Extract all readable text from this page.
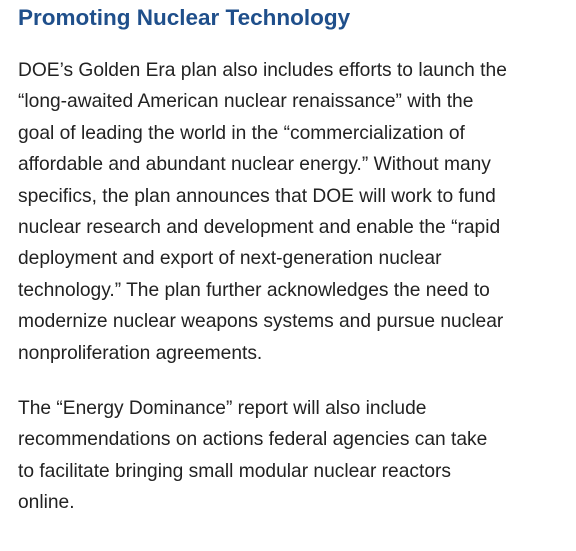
Promoting Nuclear Technology

DOE’s Golden Era plan also includes efforts to launch the
“long-awaited American nuclear renaissance” with the
goal of leading the world in the “commercialization of
affordable and abundant nuclear energy.” Without many
specifics, the plan announces that DOE will work to fund
nuclear research and development and enable the “rapid
deployment and export of next-generation nuclear
technology.” The plan further acknowledges the need to
modernize nuclear weapons systems and pursue nuclear
nonproliferation agreements.

The “Energy Dominance” report will also include
recommendations on actions federal agencies can take
to facilitate bringing small modular nuclear reactors
online.
